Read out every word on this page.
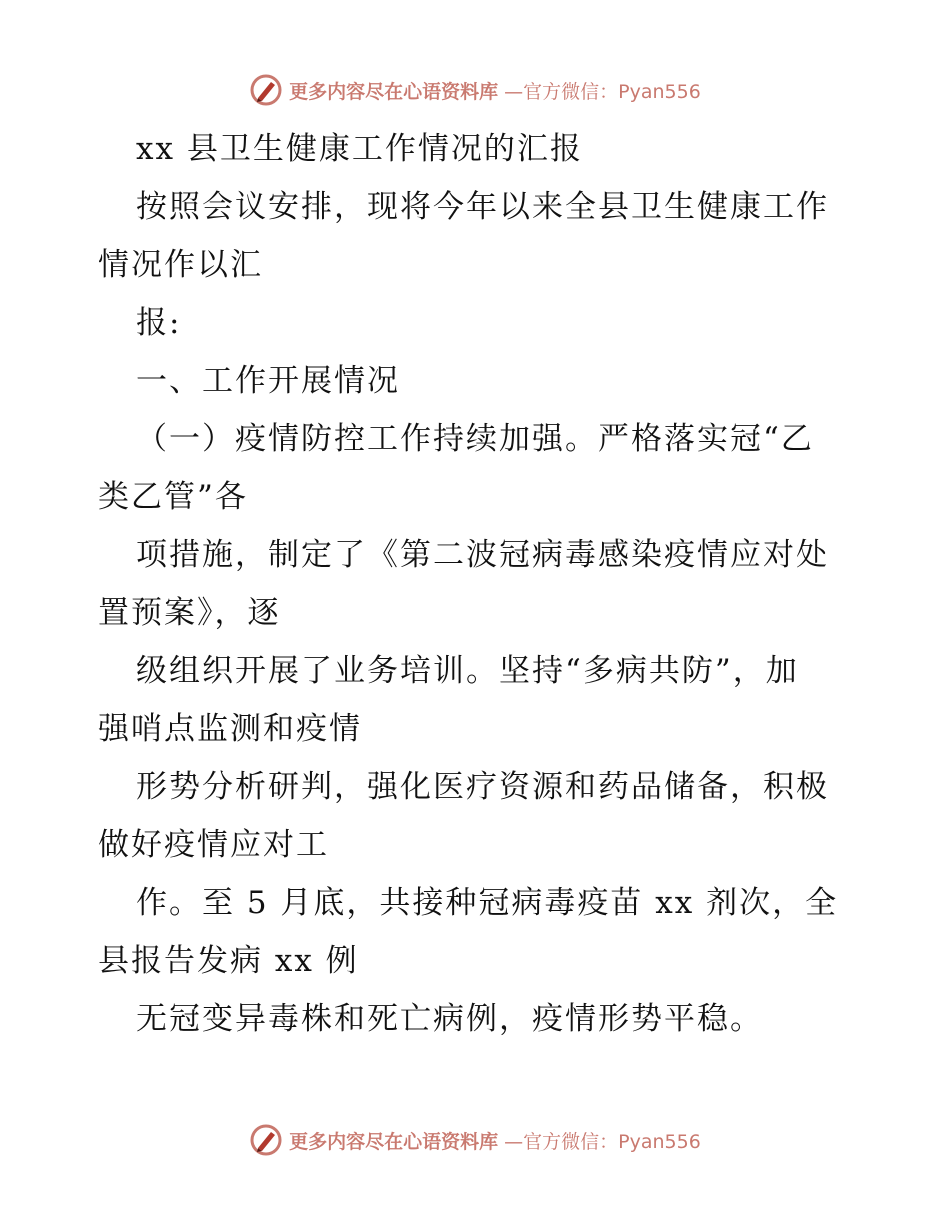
更多内容尽在心语资料库 —官方微信：Pyan556
xx 县卫生健康工作情况的汇报
按照会议安排，现将今年以来全县卫生健康工作
情况作以汇
报:
一、工作开展情况
（一）疫情防控工作持续加强。严格落实冠“乙
类乙管”各
项措施，制定了《第二波冠病毒感染疫情应对处
置预案》，逐
级组织开展了业务培训。坚持“多病共防”，加
强哨点监测和疫情
形势分析研判，强化医疗资源和药品储备，积极
做好疫情应对工
作。至 5 月底，共接种冠病毒疫苗 xx 剂次，全
县报告发病 xx 例
无冠变异毒株和死亡病例，疫情形势平稳。
更多内容尽在心语资料库 —官方微信：Pyan556
